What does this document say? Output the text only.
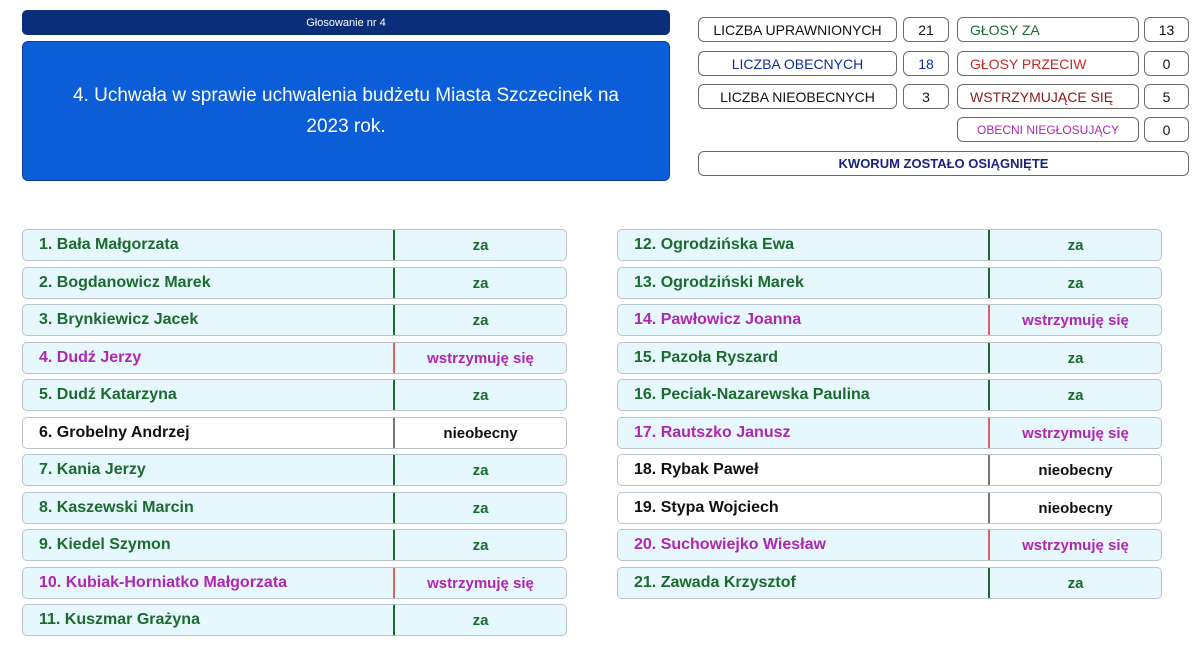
Głosowanie nr 4
4. Uchwała w sprawie uchwalenia budżetu Miasta Szczecinek na 2023 rok.
LICZBA UPRAWNIONYCH	21
LICZBA OBECNYCH	18
LICZBA NIEOBECNYCH	3
GŁOSY ZA	13
GŁOSY PRZECIW	0
WSTRZYMUJĄCE SIĘ	5
OBECNI NIEGŁOSUJĄCY	0
KWORUM ZOSTAŁO OSIĄGNIĘTE
1. Bała Małgorzata	za
2. Bogdanowicz Marek	za
3. Brynkiewicz Jacek	za
4. Dudź Jerzy	wstrzymuję się
5. Dudź Katarzyna	za
6. Grobelny Andrzej	nieobecny
7. Kania Jerzy	za
8. Kaszewski Marcin	za
9. Kiedel Szymon	za
10. Kubiak-Horniatko Małgorzata	wstrzymuję się
11. Kuszmar Grażyna	za
12. Ogrodzińska Ewa	za
13. Ogrodziński Marek	za
14. Pawłowicz Joanna	wstrzymuję się
15. Pazoła Ryszard	za
16. Peciak-Nazarewska Paulina	za
17. Rautszko Janusz	wstrzymuję się
18. Rybak Paweł	nieobecny
19. Stypa Wojciech	nieobecny
20. Suchowiejko Wiesław	wstrzymuję się
21. Zawada Krzysztof	za
